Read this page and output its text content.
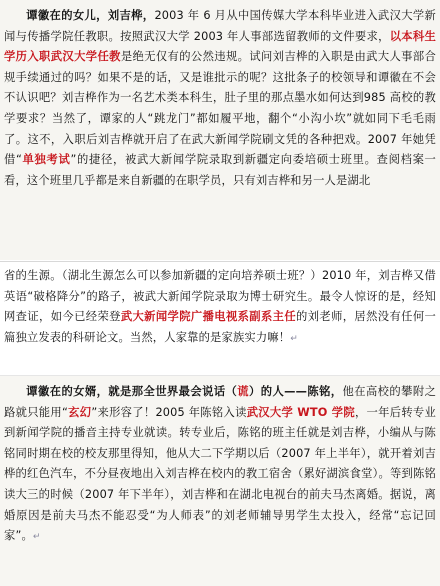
谭徽在的女儿，刘吉桦，2003 年 6 月从中国传媒大学本科毕业进入武汉大学新闻与传播学院任教职。按照武汉大学 2003 年人事部选留教师的文件要求，以本科生学历入职武汉大学任教是绝无仅有的公然违规。试问刘吉桦的入职是由武大人事部合规手续通过的吗？如果不是的话，又是谁批示的呢？这批条子的校领导和谭徽在不会不认识吧？刘吉桦作为一名艺术类本科生，肚子里的那点墨水如何达到985 高校的教学要求？当然了，谭家的人“跳龙门”都如履平地，翻个“小沟小坎”就如同下毛毛雨了。这不，入职后刘吉桦就开启了在武大新闻学院刷文凭的各种把戏。2007 年她凭借“单独考试”的捷径，被武大新闻学院录取到新疆定向委培硕士班里。查阅档案一看，这个班里几乎都是来自新疆的在职学员，只有刘吉桦和另一人是湖北

省的生源。（湖北生源怎么可以参加新疆的定向培养硕士班？）2010 年，刘吉桦又借英语“破格降分”的路子，被武大新闻学院录取为博士研究生。最令人惊讶的是，经知网查证，如今已经荣登武大新闻学院广播电视系副系主任的刘老师，居然没有任何一篇独立发表的科研论文。当然，人家靠的是家族实力嘛！↵

谭徽在的女婿，就是那全世界最会说话（谎）的人——陈铭，他在高校的攀附之路就只能用“玄幻”来形容了！2005 年陈铭入读武汉大学 WTO 学院，一年后转专业到新闻学院的播音主持专业就读。转专业后，陈铭的班主任就是刘吉桦，小编从与陈铭同时期在校的校友那里得知，他从大二下学期以后（2007 年上半年），就开着刘吉桦的红色汽车，不分昼夜地出入刘吉桦在校内的教工宿舍（累好湖滨食堂）。等到陈铭读大三的时候（2007 年下半年），刘吉桦和在湖北电视台的前夫马杰离婚。据说，离婚原因是前夫马杰不能忍受“为人师表”的刘老师辅导男学生太投入，经常“忘记回家”。↵
